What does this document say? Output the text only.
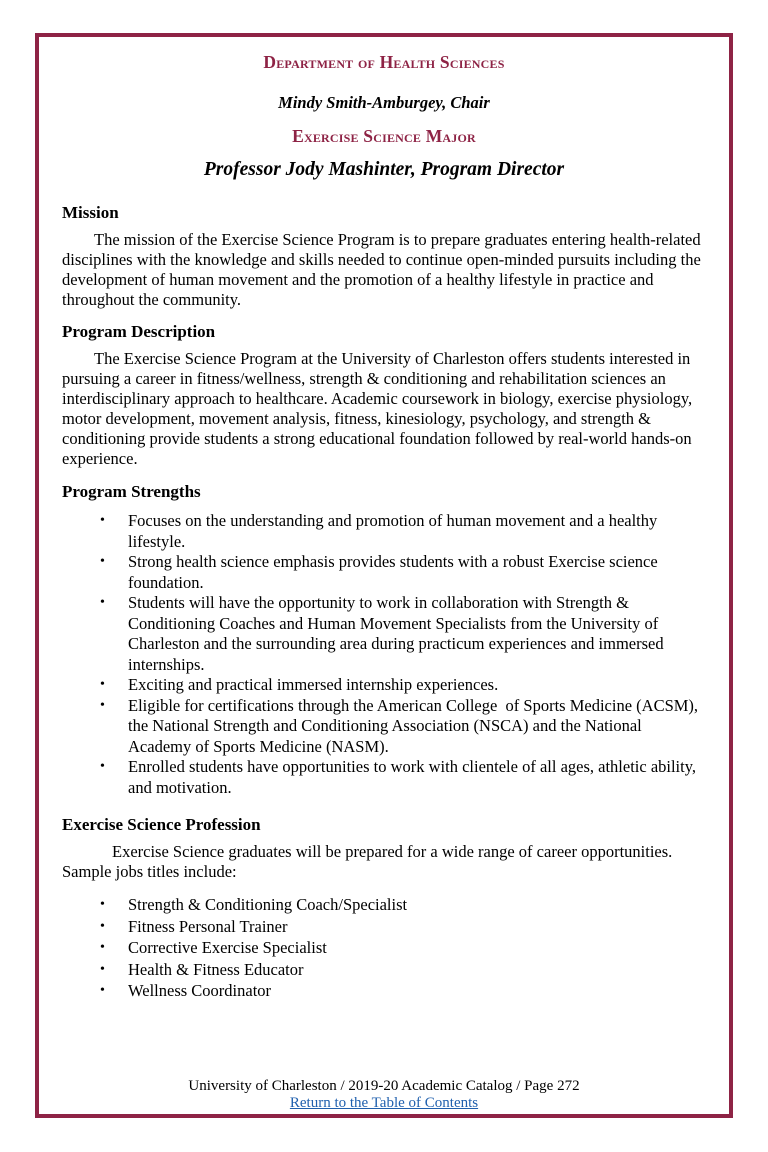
Department of Health Sciences

Mindy Smith-Amburgey, Chair

Exercise Science Major

Professor Jody Mashinter, Program Director

Mission

The mission of the Exercise Science Program is to prepare graduates entering health-related disciplines with the knowledge and skills needed to continue open-minded pursuits including the development of human movement and the promotion of a healthy lifestyle in practice and throughout the community.

Program Description

The Exercise Science Program at the University of Charleston offers students interested in pursuing a career in fitness/wellness, strength & conditioning and rehabilitation sciences an interdisciplinary approach to healthcare. Academic coursework in biology, exercise physiology, motor development, movement analysis, fitness, kinesiology, psychology, and strength & conditioning provide students a strong educational foundation followed by real-world hands-on experience.

Program Strengths

•	Focuses on the understanding and promotion of human movement and a healthy lifestyle.
•	Strong health science emphasis provides students with a robust Exercise science foundation.
•	Students will have the opportunity to work in collaboration with Strength & Conditioning Coaches and Human Movement Specialists from the University of Charleston and the surrounding area during practicum experiences and immersed internships.
•	Exciting and practical immersed internship experiences.
•	Eligible for certifications through the American College  of Sports Medicine (ACSM), the National Strength and Conditioning Association (NSCA) and the National Academy of Sports Medicine (NASM).
•	Enrolled students have opportunities to work with clientele of all ages, athletic ability, and motivation.

Exercise Science Profession

Exercise Science graduates will be prepared for a wide range of career opportunities. Sample jobs titles include:

•	Strength & Conditioning Coach/Specialist
•	Fitness Personal Trainer
•	Corrective Exercise Specialist
•	Health & Fitness Educator
•	Wellness Coordinator
University of Charleston / 2019-20 Academic Catalog / Page 272
Return to the Table of Contents
